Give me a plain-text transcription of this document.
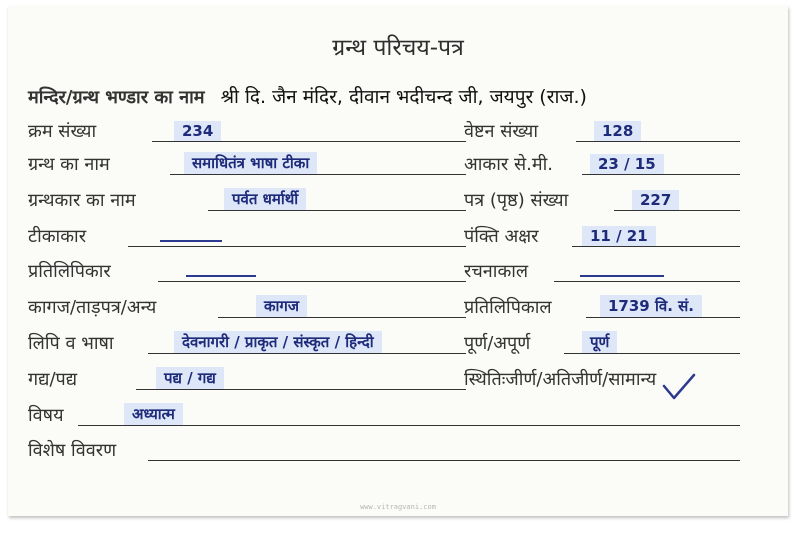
ग्रन्थ परिचय-पत्र
मन्दिर/ग्रन्थ भण्डार का नाम श्री दि. जैन मंदिर, दीवान भदीचन्द जी, जयपुर (राज.)
क्रम संख्या	234
ग्रन्थ का नाम	समाधितंत्र भाषा टीका
ग्रन्थकार का नाम	पर्वत धर्मार्थी
टीकाकार
प्रतिलिपिकार
कागज/ताड़पत्र/अन्य	कागज
लिपि व भाषा	देवनागरी / प्राकृत / संस्कृत / हिन्दी
गद्य/पद्य	पद्य / गद्य
वेष्टन संख्या	128
आकार से.मी.	23 / 15
पत्र (पृष्ठ) संख्या	227
पंक्ति अक्षर	11 / 21
रचनाकाल
प्रतिलिपिकाल	1739 वि. सं.
पूर्ण/अपूर्ण	पूर्ण
स्थितिःजीर्ण/अतिजीर्ण/सामान्य
विषय	अध्यात्म
विशेष विवरण
www.vitragvani.com
